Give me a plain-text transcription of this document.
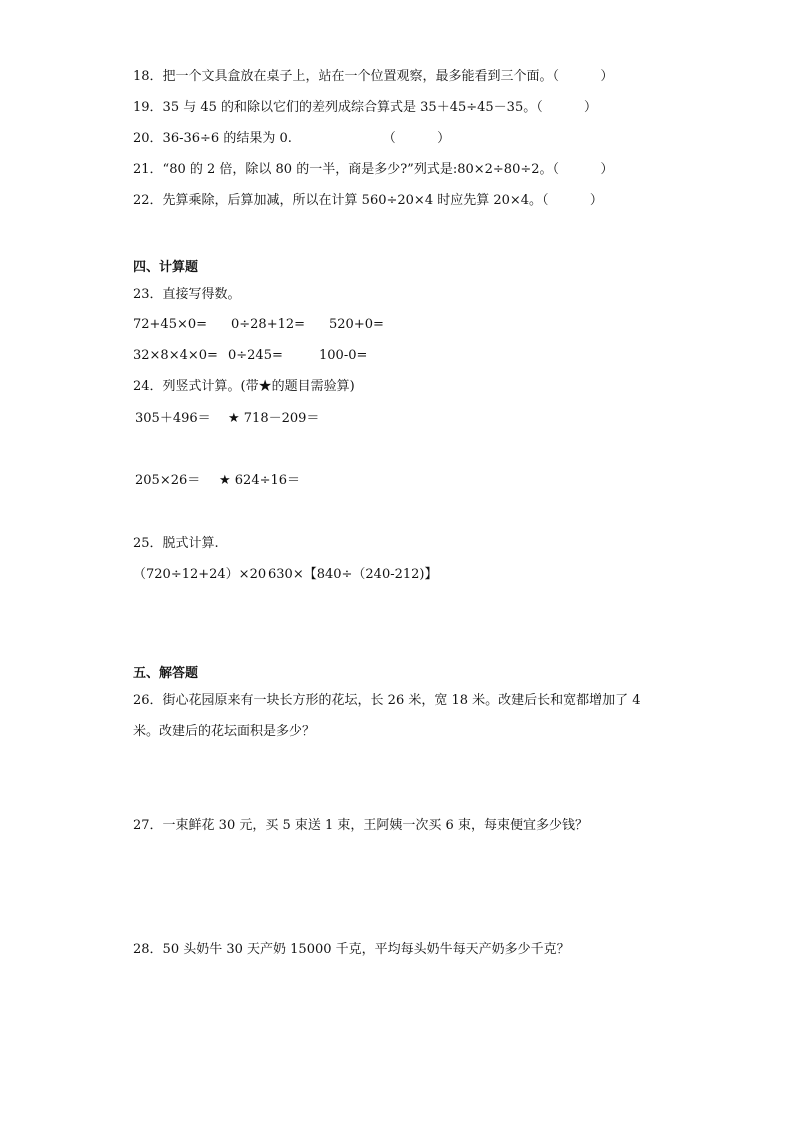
18．把一个文具盒放在桌子上，站在一个位置观察，最多能看到三个面。（          ）
19．35 与 45 的和除以它们的差列成综合算式是 35＋45÷45－35。（          ）
20．36-36÷6 的结果为 0.                      （          ）
21．“80 的 2 倍，除以 80 的一半，商是多少?”列式是:80×2÷80÷2。（          ）
22．先算乘除，后算加减，所以在计算 560÷20×4 时应先算 20×4。（          ）
四、计算题
23．直接写得数。
72+45×0= 0÷28+12= 520+0=
32×8×4×0= 0÷245=	100-0=
24．列竖式计算。(带★的题目需验算)
305＋496＝ ★ 718－209＝
205×26＝ ★ 624÷16＝
25．脱式计算.
（720÷12+24）×20 630×【840÷（240-212)】
五、解答题
26．街心花园原来有一块长方形的花坛，长 26 米，宽 18 米。改建后长和宽都增加了 4
米。改建后的花坛面积是多少？
27．一束鲜花 30 元，买 5 束送 1 束，王阿姨一次买 6 束，每束便宜多少钱？
28．50 头奶牛 30 天产奶 15000 千克，平均每头奶牛每天产奶多少千克？
